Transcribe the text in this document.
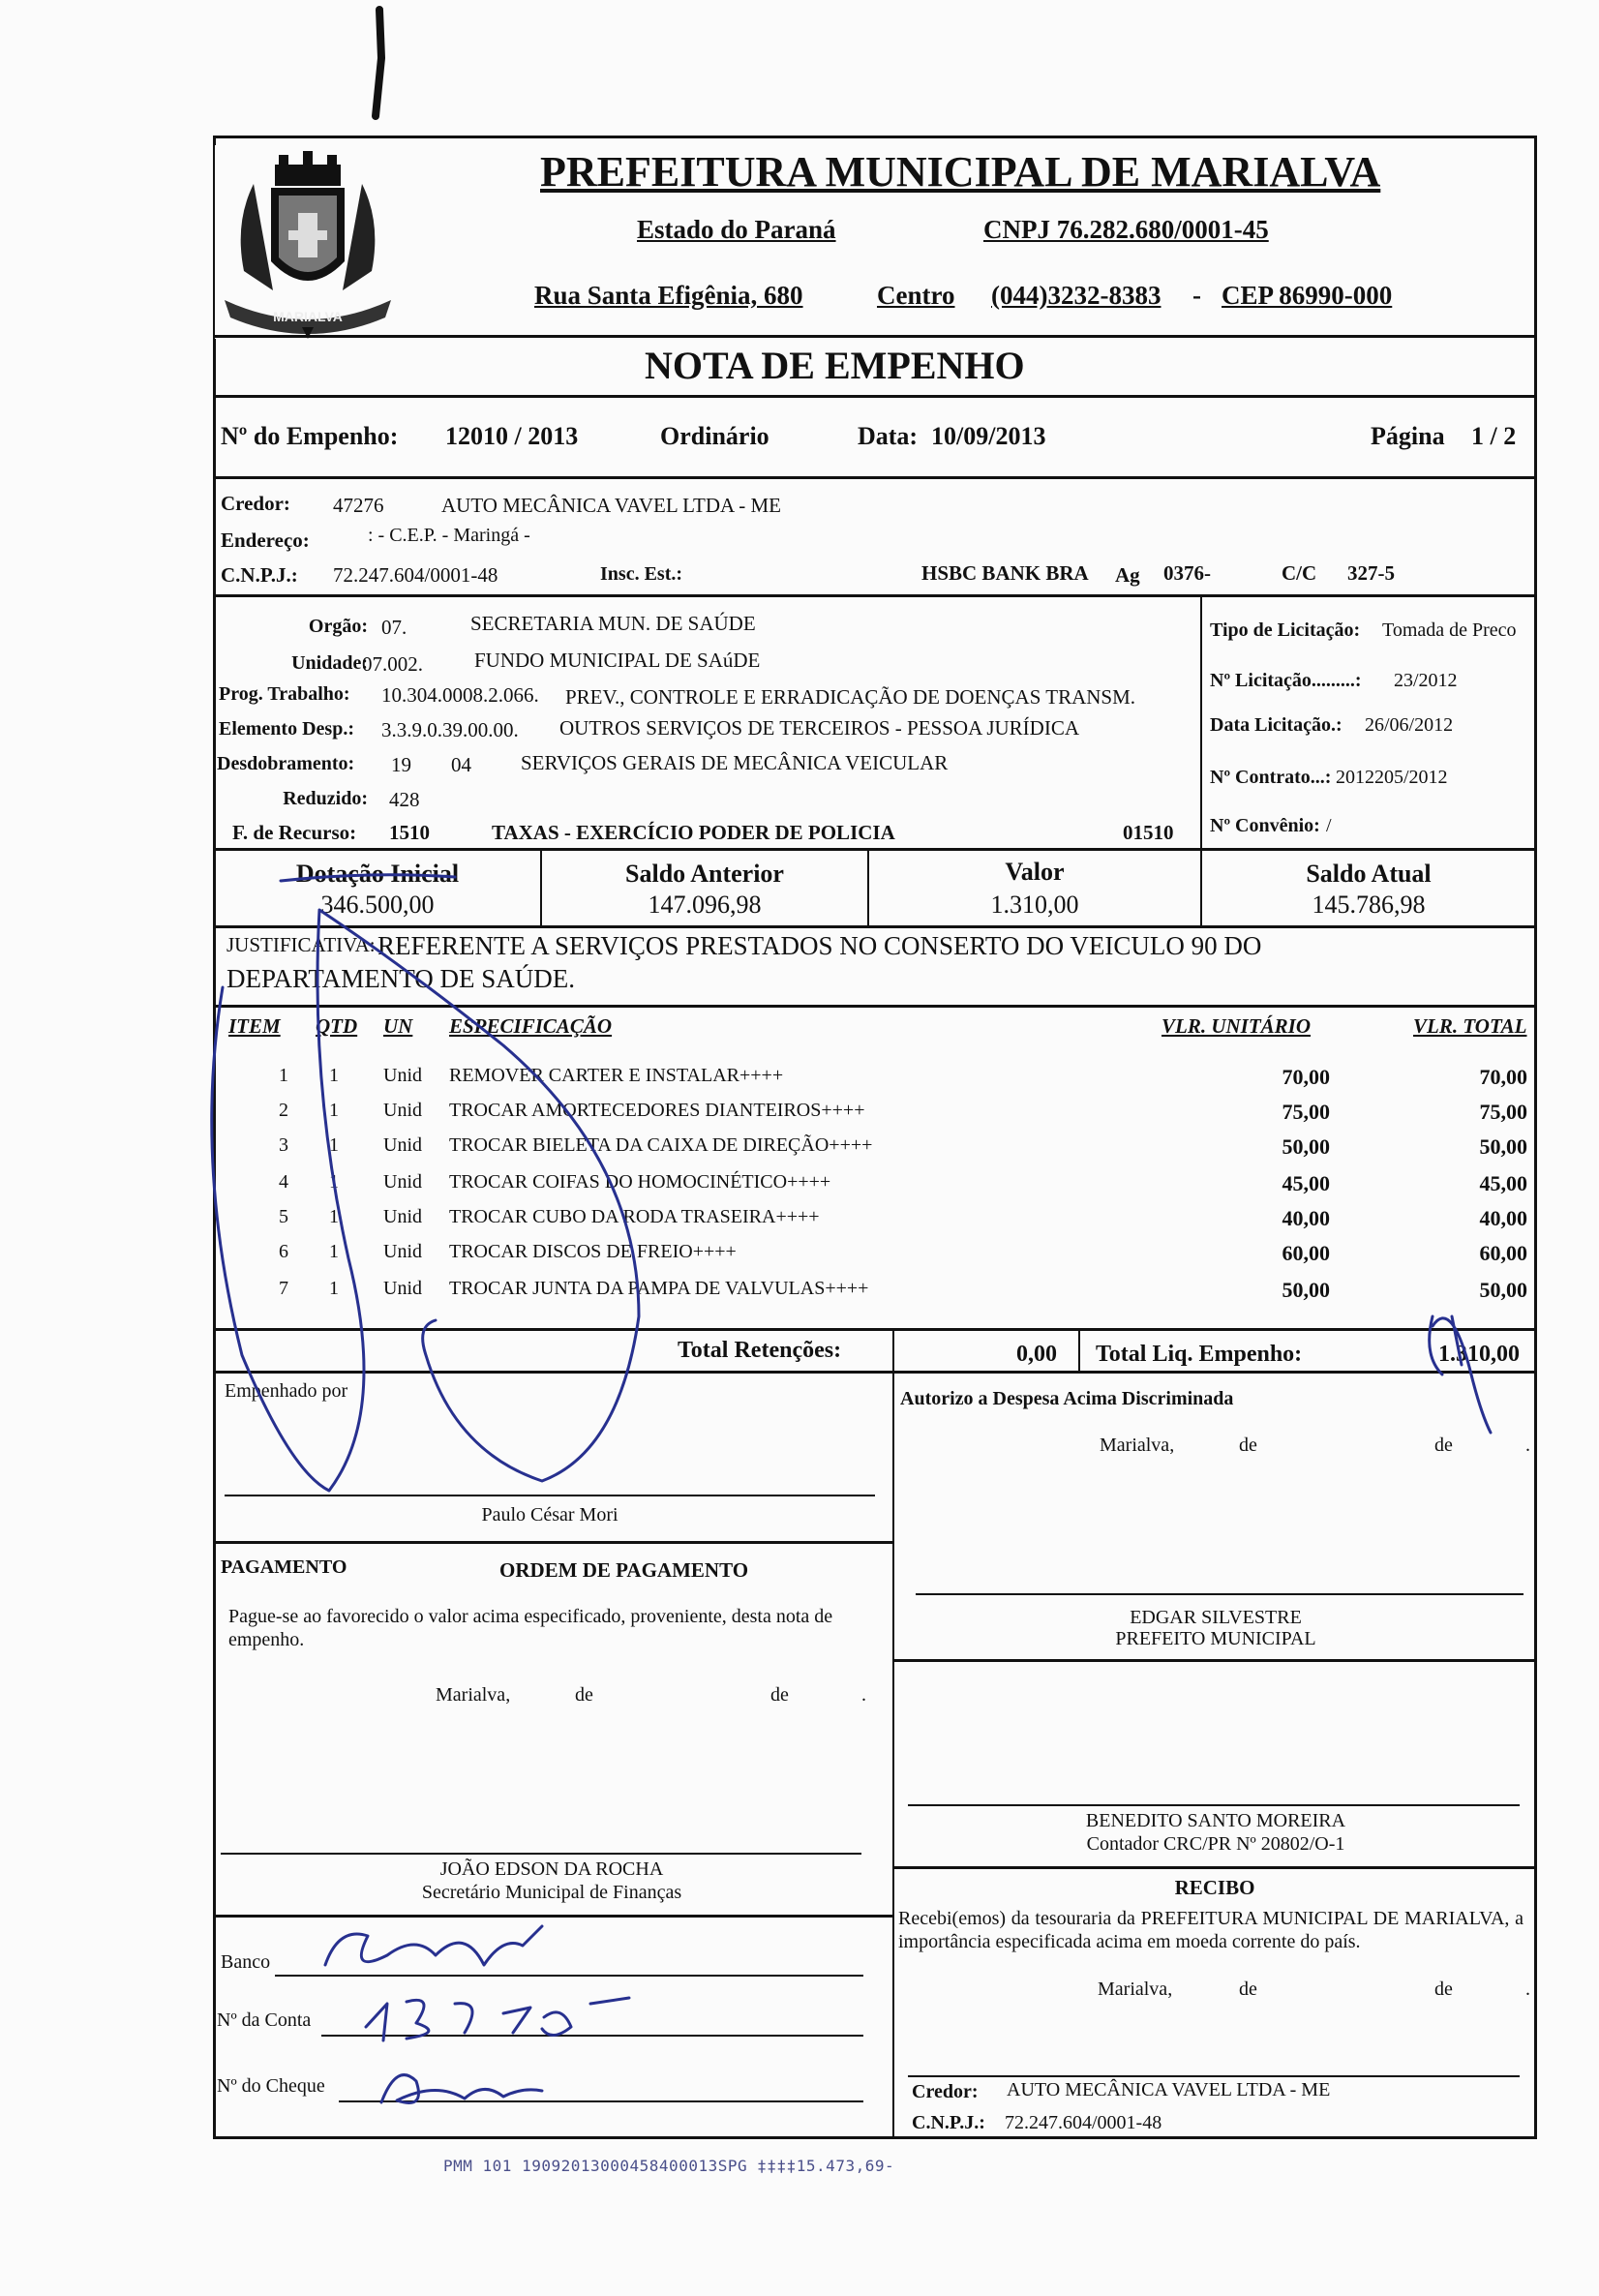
MARIALVA
PREFEITURA MUNICIPAL DE MARIALVA
Estado do Paraná	CNPJ 76.282.680/0001-45
Rua Santa Efigênia, 680	Centro (044)3232-8383 - CEP 86990-000
NOTA DE EMPENHO
Nº do Empenho: 12010 / 2013	Ordinário	Data: 10/09/2013	Página 1 / 2
Credor: 47276	AUTO MECÂNICA VAVEL LTDA - ME
Endereço:	: - C.E.P. - Maringá -
C.N.P.J.: 72.247.604/0001-48	Insc. Est.:	HSBC BANK BRA Ag 0376-	C/C 327-5
Orgão: 07.	SECRETARIA MUN. DE SAÚDE
Unidade:
07.002.	FUNDO MUNICIPAL DE SAúDE
Prog. Trabalho: 10.304.0008.2.066. PREV., CONTROLE E ERRADICAÇÃO DE DOENÇAS TRANSM.
Elemento Desp.: 3.3.9.0.39.00.00. OUTROS SERVIÇOS DE TERCEIROS - PESSOA JURÍDICA
Desdobramento: 19 04 SERVIÇOS GERAIS DE MECÂNICA VEICULAR
Reduzido: 428
F. de Recurso: 1510	TAXAS - EXERCÍCIO PODER DE POLICIA	01510
Tipo de Licitação: Tomada de Preco
Nº Licitação.........: 23/2012
Data Licitação.: 26/06/2012
Nº Contrato...: 2012205/2012
Nº Convênio: /
Dotação Inicial
346.500,00
Saldo Anterior
147.096,98
Valor
1.310,00
Saldo Atual
145.786,98
JUSTIFICATIVA: REFERENTE A SERVIÇOS PRESTADOS NO CONSERTO DO VEICULO 90 DO
DEPARTAMENTO DE SAÚDE.
ITEM QTD UN ESPECIFICAÇÃO	VLR. UNITÁRIO	VLR. TOTAL
1	1 Unid	REMOVER CARTER E INSTALAR++++	70,00	70,00
2	1 Unid	TROCAR AMORTECEDORES DIANTEIROS++++	75,00	75,00
3	1 Unid	TROCAR BIELETA DA CAIXA DE DIREÇÃO++++	50,00	50,00
4	1 Unid	TROCAR COIFAS DO HOMOCINÉTICO++++	45,00	45,00
5	1 Unid	TROCAR CUBO DA RODA TRASEIRA++++	40,00	40,00
6	1 Unid	TROCAR DISCOS DE FREIO++++	60,00	60,00
7	1 Unid	TROCAR JUNTA DA PAMPA DE VALVULAS++++	50,00	50,00
Total Retenções:	0,00 Total Liq. Empenho:	1.310,00
Empenhado por
Paulo César Mori
Autorizo a Despesa Acima Discriminada
Marialva,	de	de	.
EDGAR SILVESTRE
PREFEITO MUNICIPAL
PAGAMENTO	ORDEM DE PAGAMENTO
Pague-se ao favorecido o valor acima especificado, proveniente, desta nota de empenho.
Marialva,	de	de	.
JOÃO EDSON DA ROCHA
Secretário Municipal de Finanças
BENEDITO SANTO MOREIRA
Contador CRC/PR Nº 20802/O-1
RECIBO
Recebi(emos) da tesouraria da PREFEITURA MUNICIPAL DE MARIALVA, a importância especificada acima em moeda corrente do país.
Marialva,	de	de	.
Credor: AUTO MECÂNICA VAVEL LTDA - ME
C.N.P.J.: 72.247.604/0001-48
Banco
Nº da Conta
Nº do Cheque
PMM 101 19092013000458400013SPG ‡‡‡‡15.473,69-
